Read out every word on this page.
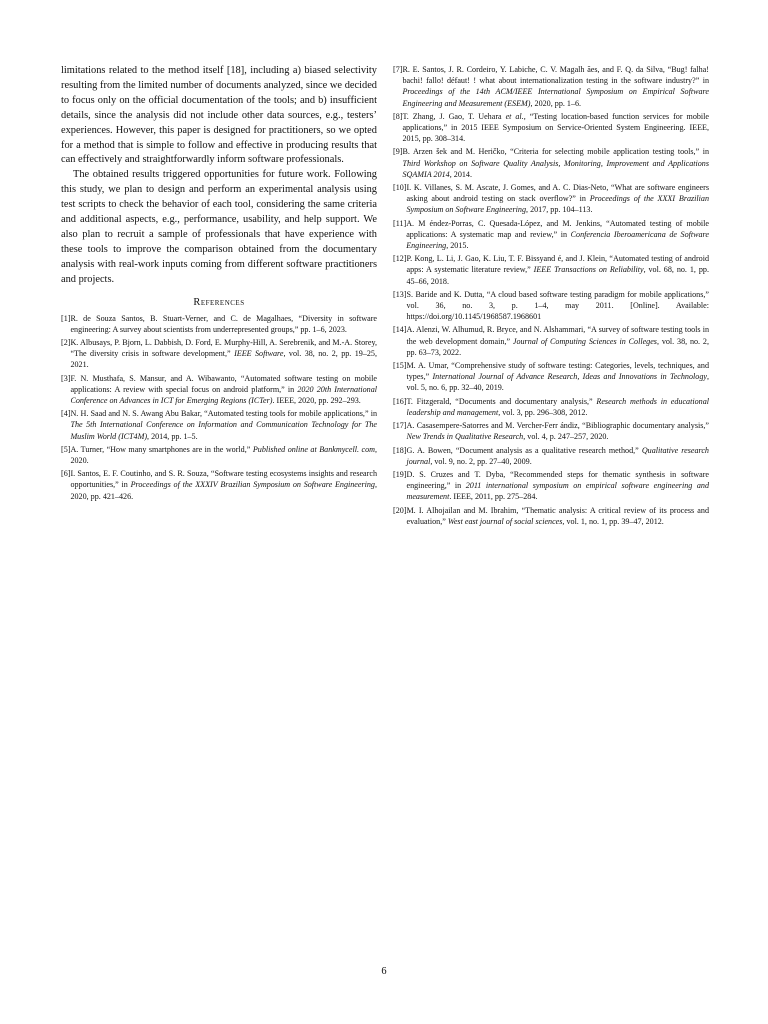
limitations related to the method itself [18], including a) biased selectivity resulting from the limited number of documents analyzed, since we decided to focus only on the official documentation of the tools; and b) insufficient details, since the analysis did not include other data sources, e.g., testers’ experiences. However, this paper is designed for practitioners, so we opted for a method that is simple to follow and effective in producing results that can effectively and straightforwardly inform software professionals.

The obtained results triggered opportunities for future work. Following this study, we plan to design and perform an experimental analysis using test scripts to check the behavior of each tool, considering the same criteria and additional aspects, e.g., performance, usability, and help support. We also plan to recruit a sample of professionals that have experience with these tools to improve the comparison obtained from the documentary analysis with real-work inputs coming from different software practitioners and projects.

References
[1] R. de Souza Santos, B. Stuart-Verner, and C. de Magalhaes, “Diversity in software engineering: A survey about scientists from underrepresented groups,” pp. 1–6, 2023.
[2] K. Albusays, P. Bjorn, L. Dabbish, D. Ford, E. Murphy-Hill, A. Serebrenik, and M.-A. Storey, “The diversity crisis in software development,” IEEE Software, vol. 38, no. 2, pp. 19–25, 2021.
[3] F. N. Musthafa, S. Mansur, and A. Wibawanto, “Automated software testing on mobile applications: A review with special focus on android platform,” in 2020 20th International Conference on Advances in ICT for Emerging Regions (ICTer). IEEE, 2020, pp. 292–293.
[4] N. H. Saad and N. S. Awang Abu Bakar, “Automated testing tools for mobile applications,” in The 5th International Conference on Information and Communication Technology for The Muslim World (ICT4M), 2014, pp. 1–5.
[5] A. Turner, “How many smartphones are in the world,” Published online at Bankmycell. com, 2020.
[6] I. Santos, E. F. Coutinho, and S. R. Souza, “Software testing ecosystems insights and research opportunities,” in Proceedings of the XXXIV Brazilian Symposium on Software Engineering, 2020, pp. 421–426.
[7] R. E. Santos, J. R. Cordeiro, Y. Labiche, C. V. Magalh ães, and F. Q. da Silva, “Bug! falha! bachi! fallo! défaut! ! what about internationalization testing in the software industry?” in Proceedings of the 14th ACM/IEEE International Symposium on Empirical Software Engineering and Measurement (ESEM), 2020, pp. 1–6.
[8] T. Zhang, J. Gao, T. Uehara et al., “Testing location-based function services for mobile applications,” in 2015 IEEE Symposium on Service-Oriented System Engineering. IEEE, 2015, pp. 308–314.
[9] B. Arzen šek and M. Heričko, “Criteria for selecting mobile application testing tools,” in Third Workshop on Software Quality Analysis, Monitoring, Improvement and Applications SQAMIA 2014, 2014.
[10] I. K. Villanes, S. M. Ascate, J. Gomes, and A. C. Dias-Neto, “What are software engineers asking about android testing on stack overflow?” in Proceedings of the XXXI Brazilian Symposium on Software Engineering, 2017, pp. 104–113.
[11] A. M éndez-Porras, C. Quesada-López, and M. Jenkins, “Automated testing of mobile applications: A systematic map and review,” in Conferencia Iberoamericana de Software Engineering, 2015.
[12] P. Kong, L. Li, J. Gao, K. Liu, T. F. Bissyand é, and J. Klein, “Automated testing of android apps: A systematic literature review,” IEEE Transactions on Reliability, vol. 68, no. 1, pp. 45–66, 2018.
[13] S. Baride and K. Dutta, “A cloud based software testing paradigm for mobile applications,” vol. 36, no. 3, p. 1–4, may 2011. [Online]. Available: https://doi.org/10.1145/1968587.1968601
[14] A. Alenzi, W. Alhumud, R. Bryce, and N. Alshammari, “A survey of software testing tools in the web development domain,” Journal of Computing Sciences in Colleges, vol. 38, no. 2, pp. 63–73, 2022.
[15] M. A. Umar, “Comprehensive study of software testing: Categories, levels, techniques, and types,” International Journal of Advance Research, Ideas and Innovations in Technology, vol. 5, no. 6, pp. 32–40, 2019.
[16] T. Fitzgerald, “Documents and documentary analysis,” Research methods in educational leadership and management, vol. 3, pp. 296–308, 2012.
[17] A. Casasempere-Satorres and M. Vercher-Ferr ándiz, “Bibliographic documentary analysis,” New Trends in Qualitative Research, vol. 4, p. 247–257, 2020.
[18] G. A. Bowen, “Document analysis as a qualitative research method,” Qualitative research journal, vol. 9, no. 2, pp. 27–40, 2009.
[19] D. S. Cruzes and T. Dyba, “Recommended steps for thematic synthesis in software engineering,” in 2011 international symposium on empirical software engineering and measurement. IEEE, 2011, pp. 275–284.
[20] M. I. Alhojailan and M. Ibrahim, “Thematic analysis: A critical review of its process and evaluation,” West east journal of social sciences, vol. 1, no. 1, pp. 39–47, 2012.
6
